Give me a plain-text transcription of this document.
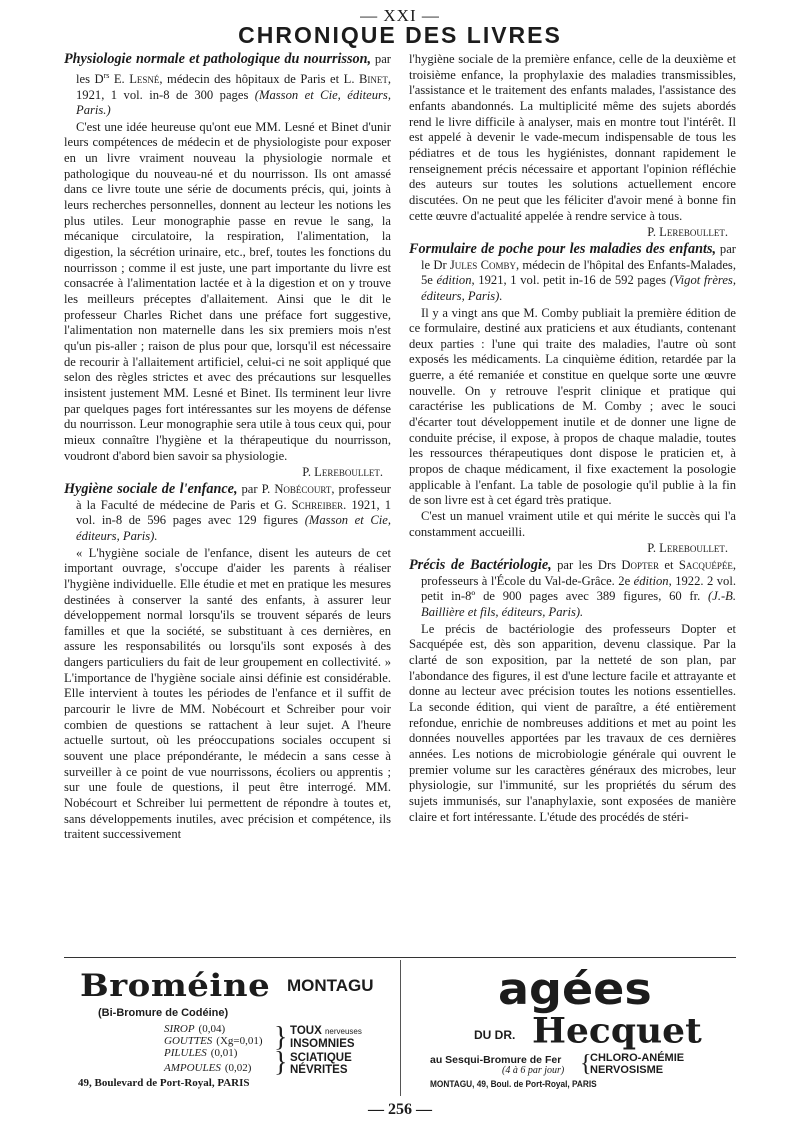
— XXI —
CHRONIQUE DES LIVRES

Physiologie normale et pathologique du nourrisson, par les $D^{rs}$ E. Lesné, médecin des hôpitaux de Paris et L. Binet, 1921, 1 vol. in-8 de 300 pages (Masson et Cie, éditeurs, Paris.)

C'est une idée heureuse qu'ont eue MM. Lesné et Binet d'unir leurs compétences de médecin et de physiologiste pour exposer en un livre vraiment nouveau la physiologie normale et pathologique du nouveau-né et du nourrisson. Ils ont amassé dans ce livre toute une série de documents précis, qui, joints à leurs recherches personnelles, donnent au lecteur les notions les plus utiles. Leur monographie passe en revue le sang, la mécanique circulatoire, la respiration, l'alimentation, la digestion, la sécrétion urinaire, etc., bref, toutes les fonctions du nourrisson ; comme il est juste, une part importante du livre est consacrée à l'alimentation lactée et à la digestion et on y trouve les meilleurs préceptes d'allaitement. Ainsi que le dit le professeur Charles Richet dans une préface fort suggestive, l'alimentation non maternelle dans les six premiers mois n'est qu'un pis-aller ; raison de plus pour que, lorsqu'il est nécessaire de recourir à l'allaitement artificiel, celui-ci ne soit appliqué que selon des règles strictes et avec des précautions sur lesquelles insistent justement MM. Lesné et Binet. Ils terminent leur livre par quelques pages fort intéressantes sur les moyens de défense du nourrisson. Leur monographie sera utile à tous ceux qui, pour mieux connaître l'hygiène et la thérapeutique du nourrisson, voudront d'abord bien savoir sa physiologie.

P. Lereboullet.

Hygiène sociale de l'enfance, par P. Nobécourt, professeur à la Faculté de médecine de Paris et G. Schreiber. 1921, 1 vol. in-8 de 596 pages avec 129 figures (Masson et Cie, éditeurs, Paris).

« L'hygiène sociale de l'enfance, disent les auteurs de cet important ouvrage, s'occupe d'aider les parents à réaliser l'hygiène individuelle. Elle étudie et met en pratique les mesures destinées à conserver la santé des enfants, à assurer leur développement normal lorsqu'ils se trouvent séparés de leurs familles et que la société, se substituant à ces dernières, en assure les responsabilités ou lorsqu'ils sont exposés à des dangers particuliers du fait de leur groupement en collectivité. » L'importance de l'hygiène sociale ainsi définie est considérable. Elle intervient à toutes les périodes de l'enfance et il suffit de parcourir le livre de MM. Nobécourt et Schreiber pour voir combien de questions se rattachent à leur sujet. A l'heure actuelle surtout, où les préoccupations sociales occupent si souvent une place prépondérante, le médecin a sans cesse à surveiller à ce point de vue nourrissons, écoliers ou apprentis ; sur une foule de questions, il peut être interrogé. MM. Nobécourt et Schreiber lui permettent de répondre à toutes et, sans développements inutiles, avec précision et compétence, ils traitent successivement

l'hygiène sociale de la première enfance, celle de la deuxième et troisième enfance, la prophylaxie des maladies transmissibles, l'assistance et le traitement des enfants malades, l'assistance des enfants abandonnés. La multiplicité même des sujets abordés rend le livre difficile à analyser, mais en montre tout l'intérêt. Il est appelé à devenir le vade-mecum indispensable de tous les pédiatres et de tous les hygiénistes, donnant rapidement le renseignement précis nécessaire et apportant l'opinion réfléchie des auteurs sur toutes les solutions actuellement encore discutées. On ne peut que les féliciter d'avoir mené à bonne fin cette œuvre d'actualité appelée à rendre service à tous.

P. Lereboullet.

Formulaire de poche pour les maladies des enfants, par le Dr Jules Comby, médecin de l'hôpital des Enfants-Malades, 5e édition, 1921, 1 vol. petit in-16 de 592 pages (Vigot frères, éditeurs, Paris).

Il y a vingt ans que M. Comby publiait la première édition de ce formulaire, destiné aux praticiens et aux étudiants, contenant deux parties : l'une qui traite des maladies, l'autre où sont exposés les médicaments. La cinquième édition, retardée par la guerre, a été remaniée et constitue en quelque sorte une œuvre nouvelle. On y retrouve l'esprit clinique et pratique qui caractérise les publications de M. Comby ; avec le souci d'écarter tout développement inutile et de donner une ligne de conduite précise, il expose, à propos de chaque maladie, toutes les ressources thérapeutiques dont dispose le praticien et, à propos de chaque médicament, il fixe exactement la posologie applicable à l'enfant. La table de posologie qu'il publie à la fin de son livre est à cet égard très pratique.

C'est un manuel vraiment utile et qui mérite le succès qui l'a constamment accueilli.

P. Lereboullet.

Précis de Bactériologie, par les Drs Dopter et Sacquépée, professeurs à l'École du Val-de-Grâce. 2e édition, 1922. 2 vol. petit in-8º de 900 pages avec 389 figures, 60 fr. (J.-B. Baillière et fils, éditeurs, Paris).

Le précis de bactériologie des professeurs Dopter et Sacquépée est, dès son apparition, devenu classique. Par la clarté de son exposition, par la netteté de son plan, par l'abondance des figures, il est d'une lecture facile et attrayante et donne au lecteur avec précision toutes les notions essentielles. La seconde édition, qui vient de paraître, a été entièrement refondue, enrichie de nombreuses additions et met au point les données nouvelles apportées par les travaux de ces dernières années. Les notions de microbiologie générale qui ouvrent le premier volume sur les caractères généraux des microbes, leur physiologie, sur l'immunité, sur les propriétés du sérum des sujets immunisés, sur l'anaphylaxie, sont exposées de manière claire et fort intéressante. L'étude des procédés de stéri-

Broméine MONTAGU
(Bi-Bromure de Codéine)
SIROP (0,04)
GOUTTES (Xg=0,01)
PILULES (0,01)
AMPOULES (0,02)
} TOUX nerveuses
INSOMNIES
} SCIATIQUE
NÉVRITES
49, Boulevard de Port-Royal, PARIS
agées
DU DR. Hecquet
au Sesqui-Bromure de Fer
(4 à 6 par jour) {
CHLORO-ANÉMIE
NERVOSISME
MONTAGU, 49, Boul. de Port-Royal, PARIS
— 256 —
